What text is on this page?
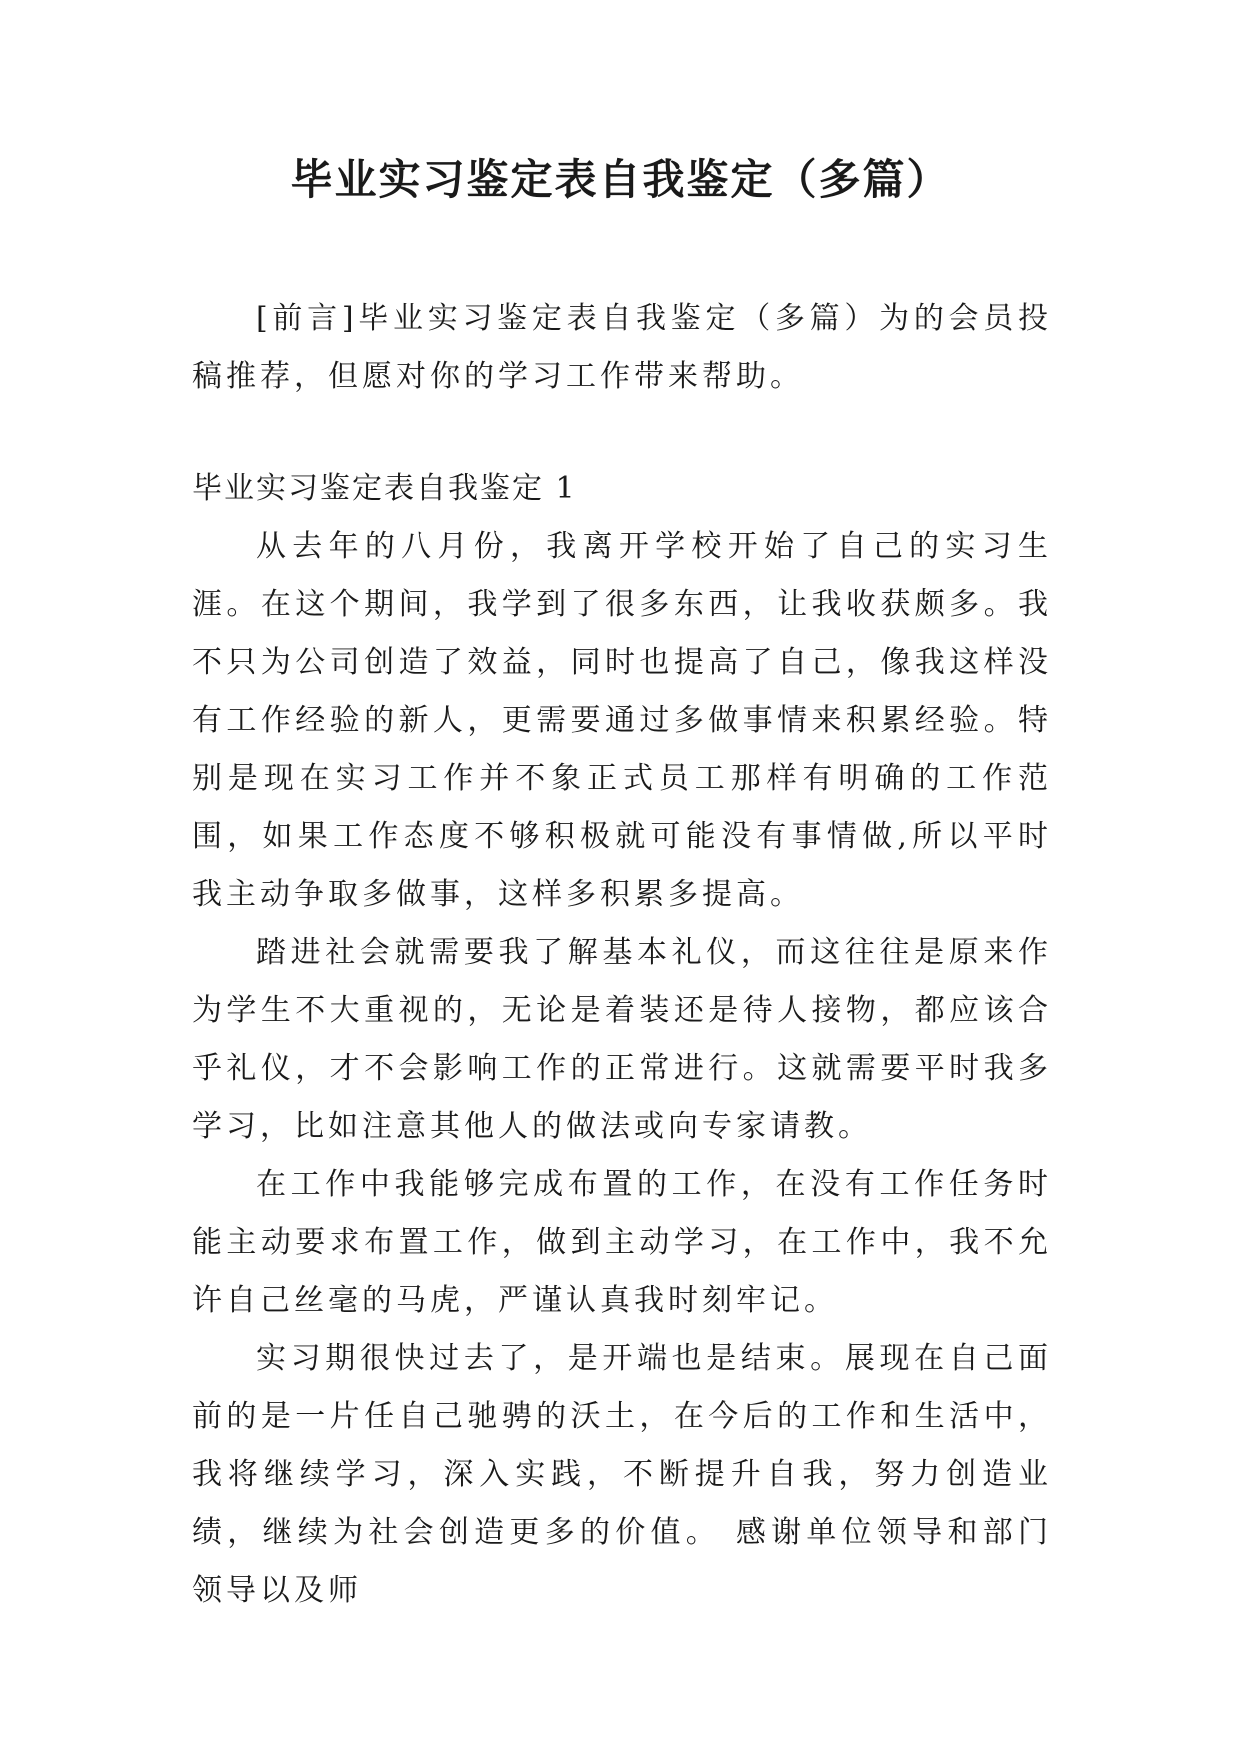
毕业实习鉴定表自我鉴定（多篇）

[前言]毕业实习鉴定表自我鉴定（多篇）为的会员投稿推荐，但愿对你的学习工作带来帮助。

毕业实习鉴定表自我鉴定 1

从去年的八月份，我离开学校开始了自己的实习生涯。在这个期间，我学到了很多东西，让我收获颇多。我不只为公司创造了效益，同时也提高了自己，像我这样没有工作经验的新人，更需要通过多做事情来积累经验。特别是现在实习工作并不象正式员工那样有明确的工作范围，如果工作态度不够积极就可能没有事情做,所以平时我主动争取多做事，这样多积累多提高。

踏进社会就需要我了解基本礼仪，而这往往是原来作为学生不大重视的，无论是着装还是待人接物，都应该合乎礼仪，才不会影响工作的正常进行。这就需要平时我多学习，比如注意其他人的做法或向专家请教。

在工作中我能够完成布置的工作，在没有工作任务时能主动要求布置工作，做到主动学习，在工作中，我不允许自己丝毫的马虎，严谨认真我时刻牢记。

实习期很快过去了，是开端也是结束。展现在自己面前的是一片任自己驰骋的沃土，在今后的工作和生活中，我将继续学习，深入实践，不断提升自我，努力创造业绩，继续为社会创造更多的价值。 感谢单位领导和部门领导以及师
